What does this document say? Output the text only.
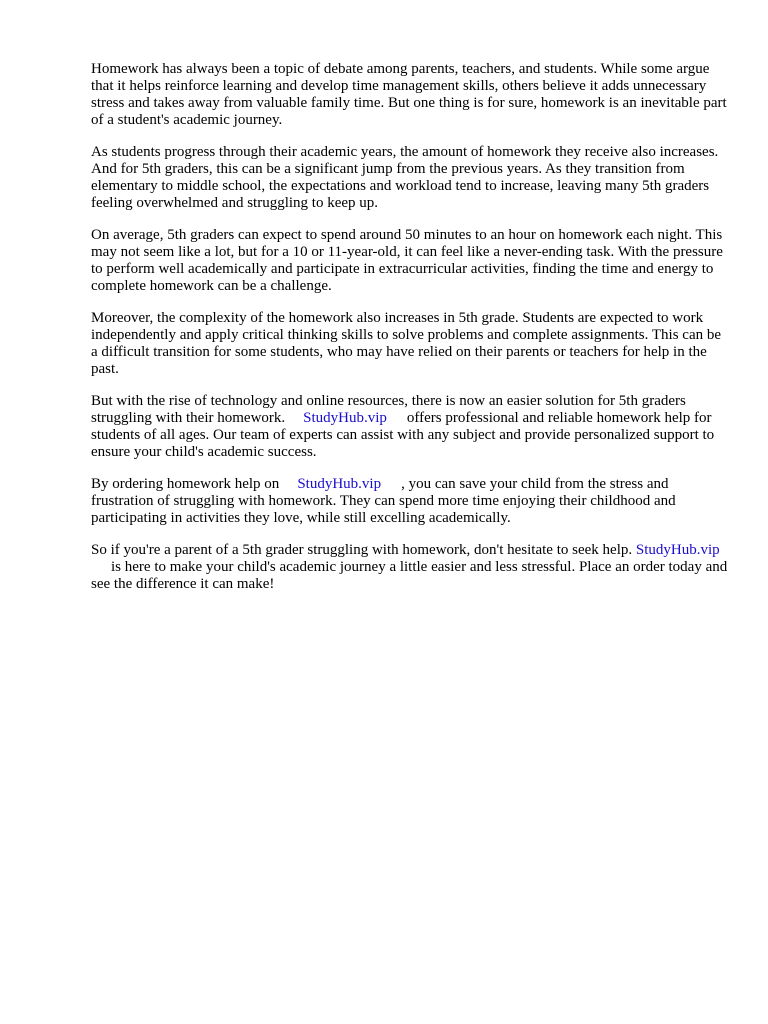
Homework has always been a topic of debate among parents, teachers, and students. While some argue that it helps reinforce learning and develop time management skills, others believe it adds unnecessary stress and takes away from valuable family time. But one thing is for sure, homework is an inevitable part of a student's academic journey.

As students progress through their academic years, the amount of homework they receive also increases. And for 5th graders, this can be a significant jump from the previous years. As they transition from elementary to middle school, the expectations and workload tend to increase, leaving many 5th graders feeling overwhelmed and struggling to keep up.

On average, 5th graders can expect to spend around 50 minutes to an hour on homework each night. This may not seem like a lot, but for a 10 or 11-year-old, it can feel like a never-ending task. With the pressure to perform well academically and participate in extracurricular activities, finding the time and energy to complete homework can be a challenge.

Moreover, the complexity of the homework also increases in 5th grade. Students are expected to work independently and apply critical thinking skills to solve problems and complete assignments. This can be a difficult transition for some students, who may have relied on their parents or teachers for help in the past.

But with the rise of technology and online resources, there is now an easier solution for 5th graders struggling with their homework. StudyHub.vip offers professional and reliable homework help for students of all ages. Our team of experts can assist with any subject and provide personalized support to ensure your child's academic success.

By ordering homework help on StudyHub.vip , you can save your child from the stress and frustration of struggling with homework. They can spend more time enjoying their childhood and participating in activities they love, while still excelling academically.

So if you're a parent of a 5th grader struggling with homework, don't hesitate to seek help. StudyHub.vipis here to make your child's academic journey a little easier and less stressful. Place an order today and see the difference it can make!
